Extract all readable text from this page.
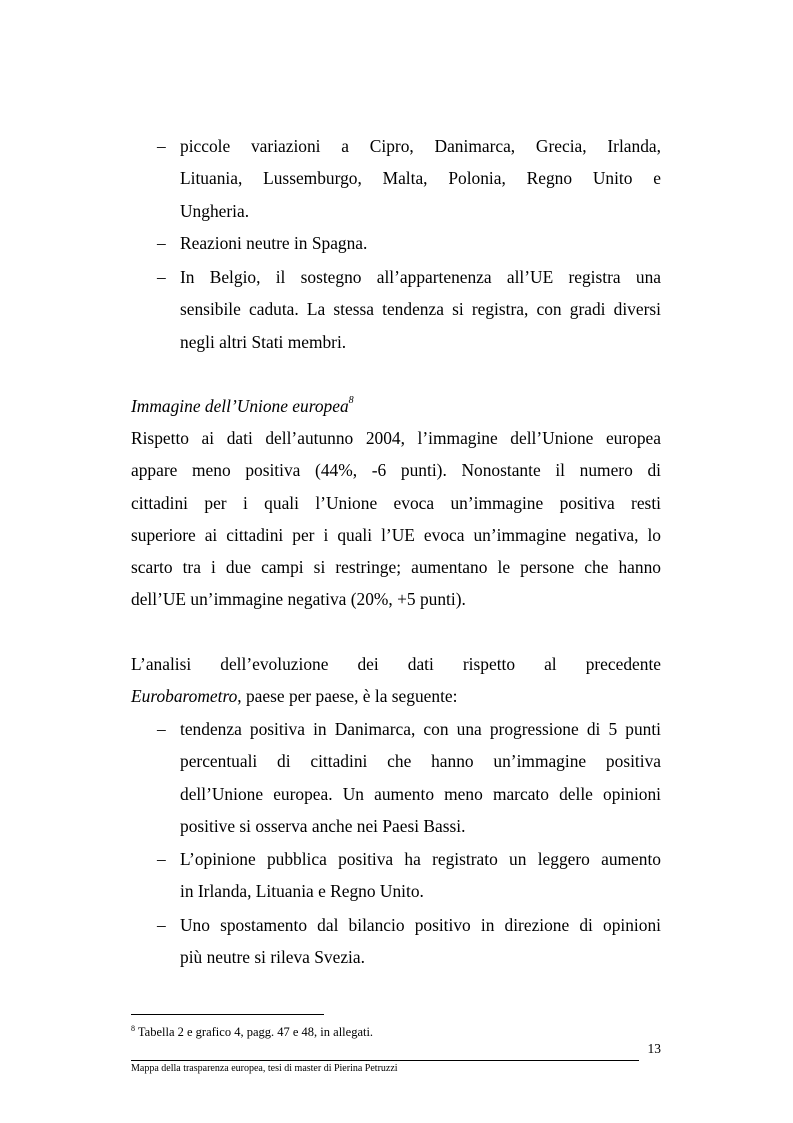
– piccole variazioni a Cipro, Danimarca, Grecia, Irlanda,
Lituania, Lussemburgo, Malta, Polonia, Regno Unito e
Ungheria.
– Reazioni neutre in Spagna.
– In Belgio, il sostegno all’appartenenza all’UE registra una
sensibile caduta. La stessa tendenza si registra, con gradi diversi
negli altri Stati membri.
Immagine dell’Unione europea$^8$
Rispetto ai dati dell’autunno 2004, l’immagine dell’Unione europea
appare meno positiva (44%, -6 punti). Nonostante il numero di
cittadini per i quali l’Unione evoca un’immagine positiva resti
superiore ai cittadini per i quali l’UE evoca un’immagine negativa, lo
scarto tra i due campi si restringe; aumentano le persone che hanno
dell’UE un’immagine negativa (20%, +5 punti).
L’analisi dell’evoluzione dei dati rispetto al precedente
Eurobarometro, paese per paese, è la seguente:
– tendenza positiva in Danimarca, con una progressione di 5 punti
percentuali di cittadini che hanno un’immagine positiva
dell’Unione europea. Un aumento meno marcato delle opinioni
positive si osserva anche nei Paesi Bassi.
– L’opinione pubblica positiva ha registrato un leggero aumento
in Irlanda, Lituania e Regno Unito.
– Uno spostamento dal bilancio positivo in direzione di opinioni
più neutre si rileva Svezia.
$^8$ Tabella 2 e grafico 4, pagg. 47 e 48, in allegati.
13
Mappa della trasparenza europea, tesi di master di Pierina Petruzzi
